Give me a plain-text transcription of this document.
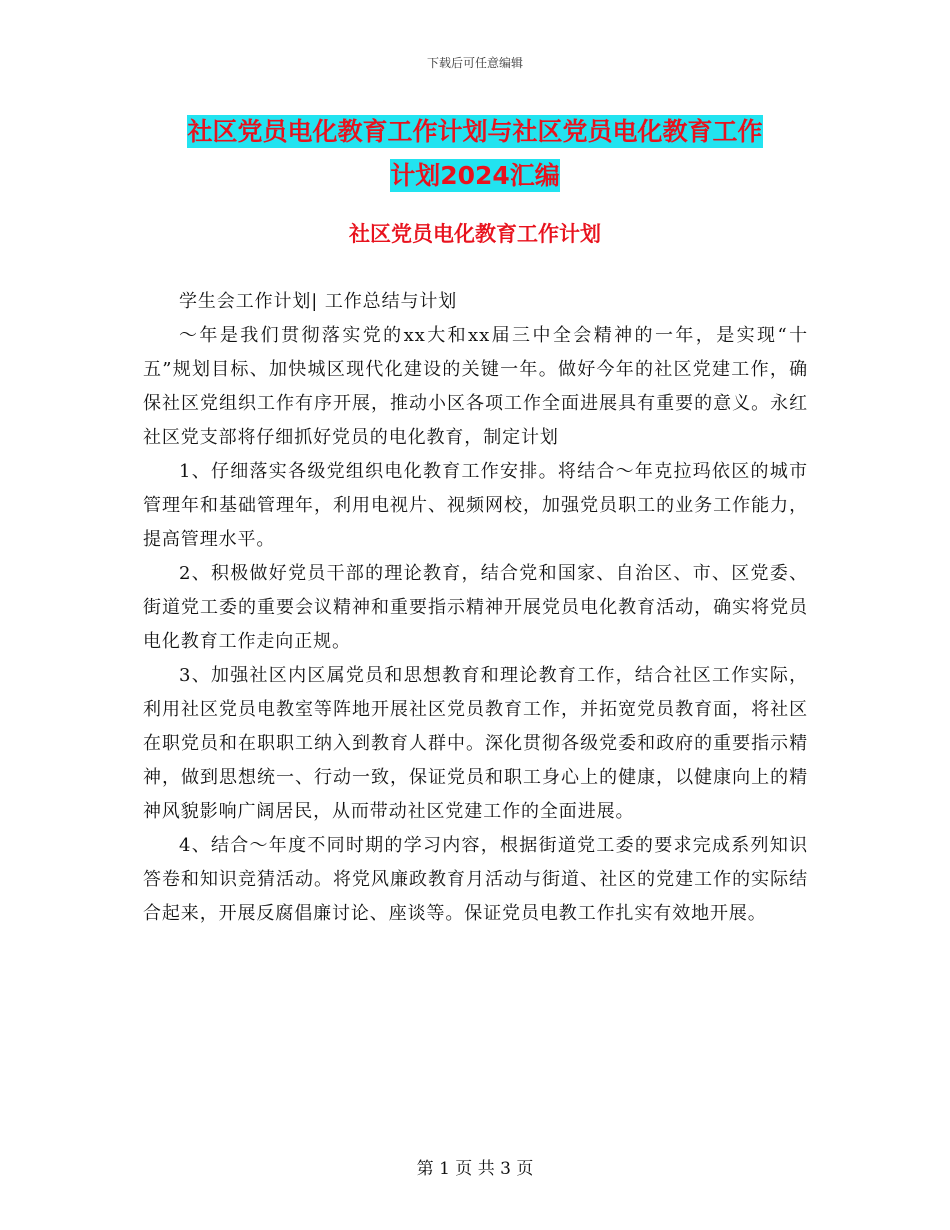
下载后可任意编辑
社区党员电化教育工作计划与社区党员电化教育工作
计划2024汇编
社区党员电化教育工作计划

学生会工作计划| 工作总结与计划

～年是我们贯彻落实党的xx大和xx届三中全会精神的一年，是实现“十五”规划目标、加快城区现代化建设的关键一年。做好今年的社区党建工作，确保社区党组织工作有序开展，推动小区各项工作全面进展具有重要的意义。永红社区党支部将仔细抓好党员的电化教育，制定计划

1、仔细落实各级党组织电化教育工作安排。将结合～年克拉玛依区的城市管理年和基础管理年，利用电视片、视频网校，加强党员职工的业务工作能力，提高管理水平。

2、积极做好党员干部的理论教育，结合党和国家、自治区、市、区党委、街道党工委的重要会议精神和重要指示精神开展党员电化教育活动，确实将党员电化教育工作走向正规。

3、加强社区内区属党员和思想教育和理论教育工作，结合社区工作实际，利用社区党员电教室等阵地开展社区党员教育工作，并拓宽党员教育面，将社区在职党员和在职职工纳入到教育人群中。深化贯彻各级党委和政府的重要指示精神，做到思想统一、行动一致，保证党员和职工身心上的健康，以健康向上的精神风貌影响广阔居民，从而带动社区党建工作的全面进展。

4、结合～年度不同时期的学习内容，根据街道党工委的要求完成系列知识答卷和知识竞猜活动。将党风廉政教育月活动与街道、社区的党建工作的实际结合起来，开展反腐倡廉讨论、座谈等。保证党员电教工作扎实有效地开展。

第 1 页 共 3 页
